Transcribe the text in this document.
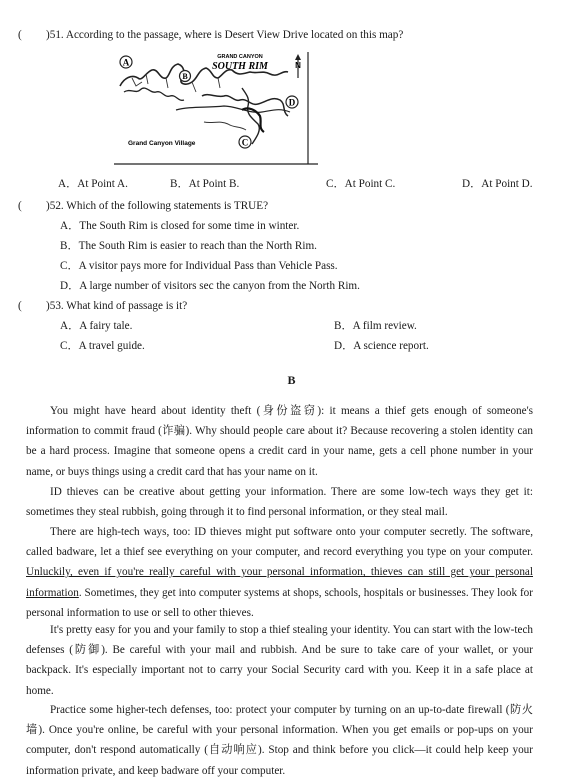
( )51. According to the passage, where is Desert View Drive located on this map?
A
B
C
D
GRAND CANYON
SOUTH RIM	N
Grand Canyon Village
A．At Point A.	B．At Point B.	C．At Point C.	D．At Point D.
( )52. Which of the following statements is TRUE?
A．The South Rim is closed for some time in winter.
B．The South Rim is easier to reach than the North Rim.
C．A visitor pays more for Individual Pass than Vehicle Pass.
D．A large number of visitors sec the canyon from the North Rim.
( )53. What kind of passage is it?
A．A fairy tale.	B．A film review.
C．A travel guide.	D．A science report.
B
You might have heard about identity theft (身份盗窃): it means a thief gets enough of someone's information to commit fraud (诈骗). Why should people care about it? Because recovering a stolen identity can be a hard process. Imagine that someone opens a credit card in your name, gets a cell phone number in your name, or buys things using a credit card that has your name on it.
ID thieves can be creative about getting your information. There are some low-tech ways they get it: sometimes they steal rubbish, going through it to find personal information, or they steal mail.
There are high-tech ways, too: ID thieves might put software onto your computer secretly. The software, called badware, let a thief see everything on your computer, and record everything you type on your computer. Unluckily, even if you're really careful with your personal information, thieves can still get your personal information. Sometimes, they get into computer systems at shops, schools, hospitals or businesses. They look for personal information to use or sell to other thieves.
It's pretty easy for you and your family to stop a thief stealing your identity. You can start with the low-tech defenses (防御). Be careful with your mail and rubbish. And be sure to take care of your wallet, or your backpack. It's especially important not to carry your Social Security card with you. Keep it in a safe place at home.
Practice some higher-tech defenses, too: protect your computer by turning on an up-to-date firewall (防火墙). Once you're online, be careful with your personal information. When you get emails or pop-ups on your computer, don't respond automatically (自动响应). Stop and think before you click—it could help keep your information private, and keep badware off your computer.
